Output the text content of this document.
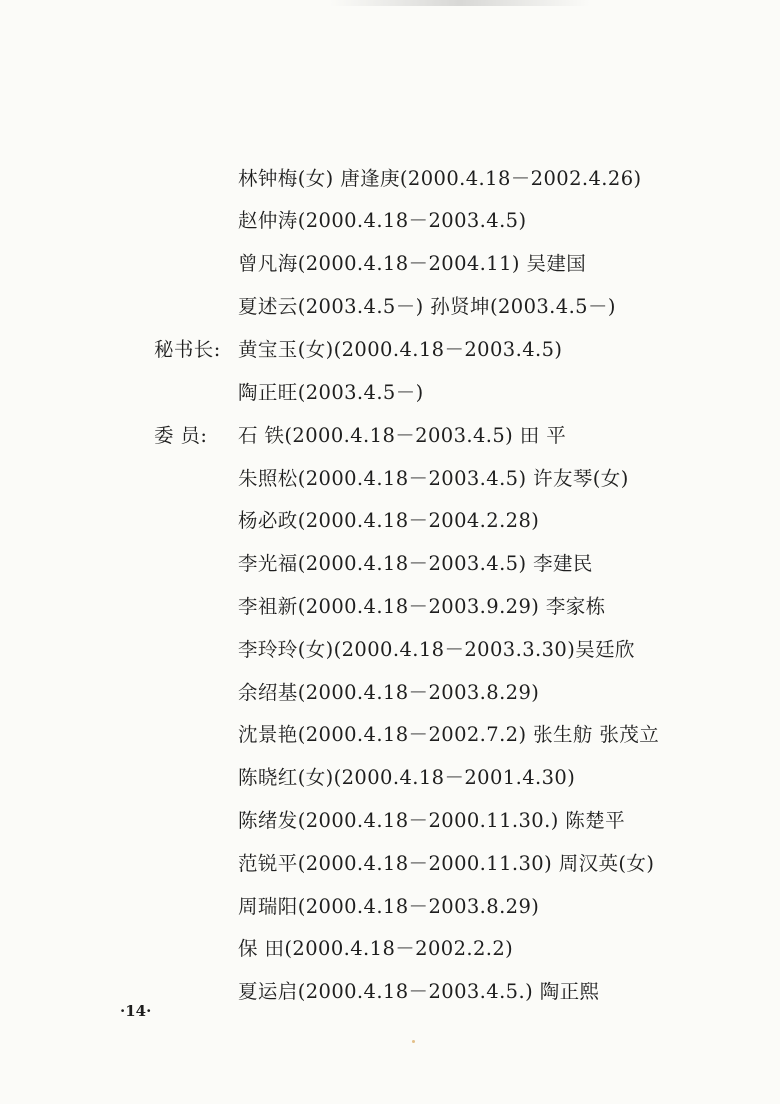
林钟梅(女) 唐逢庚(2000.4.18－2002.4.26)
赵仲涛(2000.4.18－2003.4.5)
曾凡海(2000.4.18－2004.11) 吴建国
夏述云(2003.4.5－) 孙贤坤(2003.4.5－)
秘书长: 黄宝玉(女)(2000.4.18－2003.4.5)
陶正旺(2003.4.5－)
委 员:	石 铁(2000.4.18－2003.4.5) 田 平
朱照松(2000.4.18－2003.4.5) 许友琴(女)
杨必政(2000.4.18－2004.2.28)
李光福(2000.4.18－2003.4.5) 李建民
李祖新(2000.4.18－2003.9.29) 李家栋
李玲玲(女)(2000.4.18－2003.3.30)吴廷欣
余绍基(2000.4.18－2003.8.29)
沈景艳(2000.4.18－2002.7.2) 张生舫 张茂立
陈晓红(女)(2000.4.18－2001.4.30)
陈绪发(2000.4.18－2000.11.30.) 陈楚平
范锐平(2000.4.18－2000.11.30) 周汉英(女)
周瑞阳(2000.4.18－2003.8.29)
保 田(2000.4.18－2002.2.2)
夏运启(2000.4.18－2003.4.5.) 陶正熙
·14·
